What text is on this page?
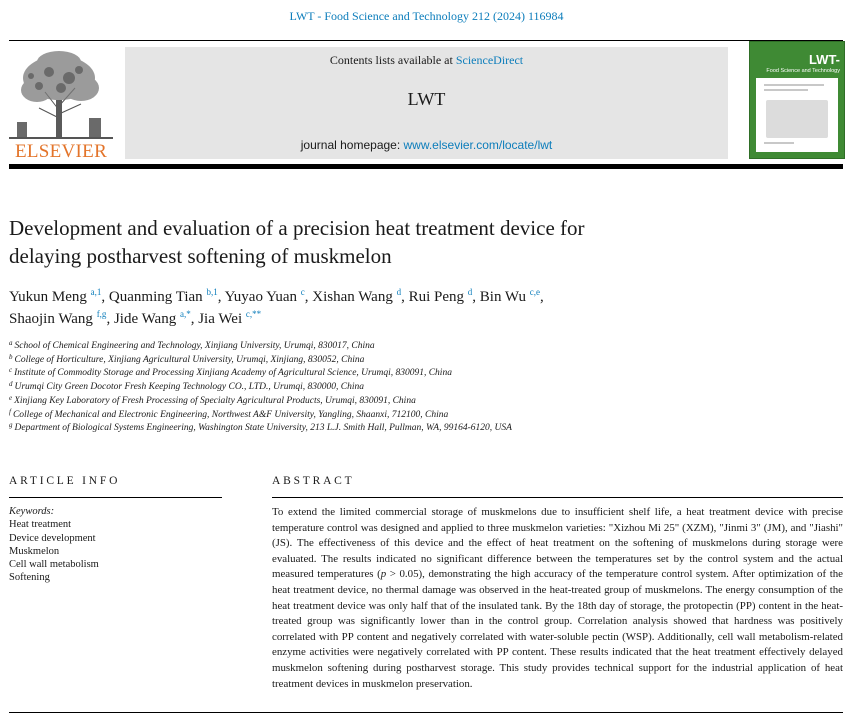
LWT - Food Science and Technology 212 (2024) 116984
ELSEVIER
Contents lists available at ScienceDirect
LWT
journal homepage: www.elsevier.com/locate/lwt
LWT-
Food Science and Technology
Development and evaluation of a precision heat treatment device for
delaying postharvest softening of muskmelon
Yukun Meng $^{a,1}$, Quanming Tian $^{b,1}$, Yuyao Yuan $^c$, Xishan Wang $^d$, Rui Peng $^d$, Bin Wu $^{c,e}$,
Shaojin Wang $^{f,g}$, Jide Wang $^{a,*}$, Jia Wei $^{c,**}$
$^a$ School of Chemical Engineering and Technology, Xinjiang University, Urumqi, 830017, China
$^b$ College of Horticulture, Xinjiang Agricultural University, Urumqi, Xinjiang, 830052, China
$^c$ Institute of Commodity Storage and Processing Xinjiang Academy of Agricultural Science, Urumqi, 830091, China
$^d$ Urumqi City Green Docotor Fresh Keeping Technology CO., LTD., Urumqi, 830000, China
$^e$ Xinjiang Key Laboratory of Fresh Processing of Specialty Agricultural Products, Urumqi, 830091, China
$^f$ College of Mechanical and Electronic Engineering, Northwest A&F University, Yangling, Shaanxi, 712100, China
$^g$ Department of Biological Systems Engineering, Washington State University, 213 L.J. Smith Hall, Pullman, WA, 99164-6120, USA
ARTICLE INFO
Keywords:
Heat treatment
Device development
Muskmelon
Cell wall metabolism
Softening
ABSTRACT
To extend the limited commercial storage of muskmelons due to insufficient shelf life, a heat treatment device with precise temperature control was designed and applied to three muskmelon varieties: "Xizhou Mi 25" (XZM), "Jinmi 3" (JM), and "Jiashi" (JS). The effectiveness of this device and the effect of heat treatment on the softening of muskmelons during storage were evaluated. The results indicated no significant difference between the temperatures set by the control system and the actual measured temperatures (p > 0.05), demonstrating the high accuracy of the temperature control system. After optimization of the heat treatment device, no thermal damage was observed in the heat-treated group of muskmelons. The energy consumption of the heat treatment device was only half that of the insulated tank. By the 18th day of storage, the protopectin (PP) content in the heat-treated group was significantly lower than in the control group. Correlation analysis showed that hardness was positively correlated with PP content and negatively correlated with water-soluble pectin (WSP). Additionally, cell wall metabolism-related enzyme activities were negatively correlated with PP content. These results indicated that the heat treatment effectively delayed muskmelon softening during postharvest storage. This study provides technical support for the industrial application of heat treatment devices in muskmelon preservation.
